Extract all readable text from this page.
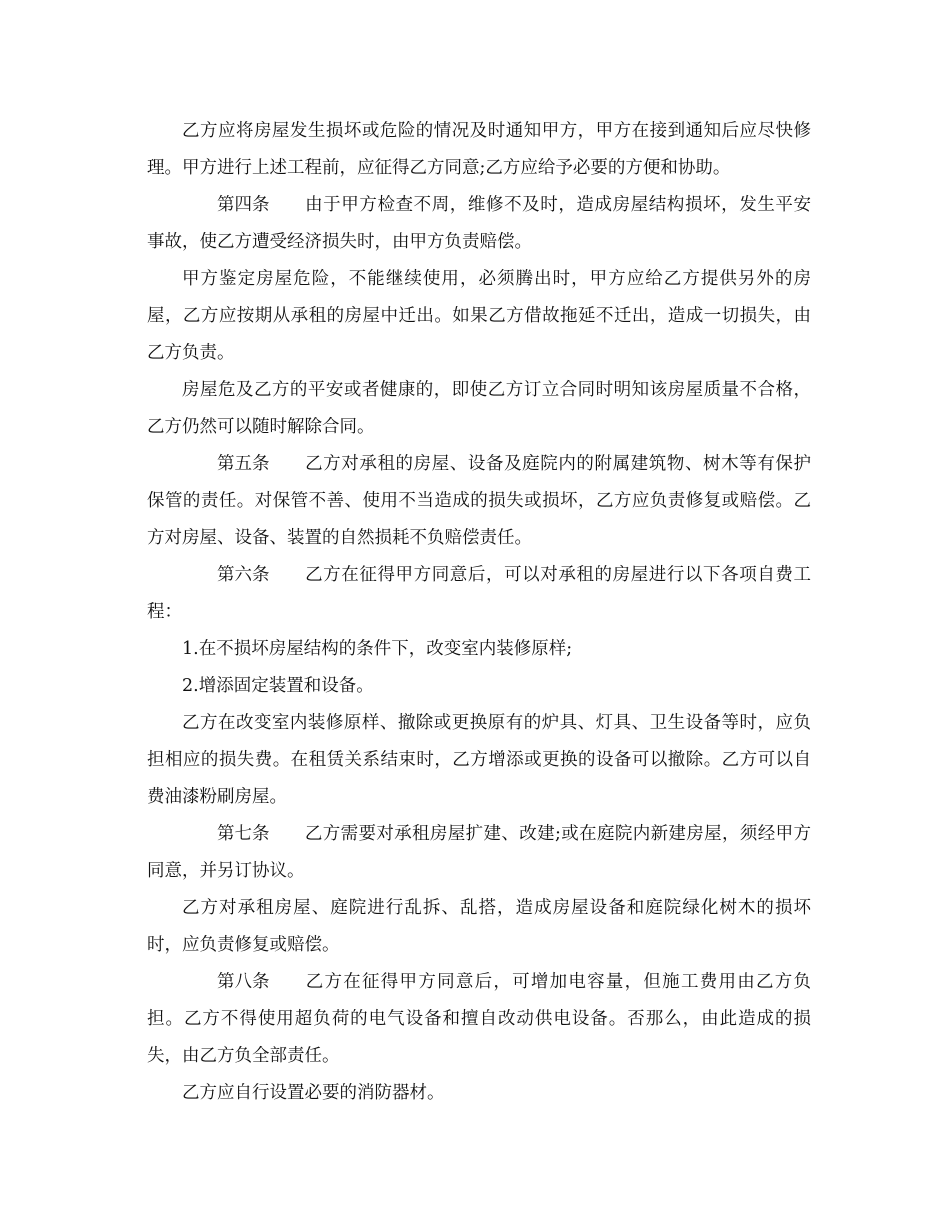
乙方应将房屋发生损坏或危险的情况及时通知甲方，甲方在接到通知后应尽快修理。甲方进行上述工程前，应征得乙方同意;乙方应给予必要的方便和协助。

第四条 由于甲方检查不周，维修不及时，造成房屋结构损坏，发生平安事故，使乙方遭受经济损失时，由甲方负责赔偿。

甲方鉴定房屋危险，不能继续使用，必须腾出时，甲方应给乙方提供另外的房屋，乙方应按期从承租的房屋中迁出。如果乙方借故拖延不迁出，造成一切损失，由乙方负责。

房屋危及乙方的平安或者健康的，即使乙方订立合同时明知该房屋质量不合格，乙方仍然可以随时解除合同。

第五条 乙方对承租的房屋、设备及庭院内的附属建筑物、树木等有保护保管的责任。对保管不善、使用不当造成的损失或损坏，乙方应负责修复或赔偿。乙方对房屋、设备、装置的自然损耗不负赔偿责任。

第六条 乙方在征得甲方同意后，可以对承租的房屋进行以下各项自费工程：

1.在不损坏房屋结构的条件下，改变室内装修原样;

2.增添固定装置和设备。

乙方在改变室内装修原样、撤除或更换原有的炉具、灯具、卫生设备等时，应负担相应的损失费。在租赁关系结束时，乙方增添或更换的设备可以撤除。乙方可以自费油漆粉刷房屋。

第七条 乙方需要对承租房屋扩建、改建;或在庭院内新建房屋，须经甲方同意，并另订协议。

乙方对承租房屋、庭院进行乱拆、乱搭，造成房屋设备和庭院绿化树木的损坏时，应负责修复或赔偿。

第八条 乙方在征得甲方同意后，可增加电容量，但施工费用由乙方负担。乙方不得使用超负荷的电气设备和擅自改动供电设备。否那么，由此造成的损失，由乙方负全部责任。

乙方应自行设置必要的消防器材。
